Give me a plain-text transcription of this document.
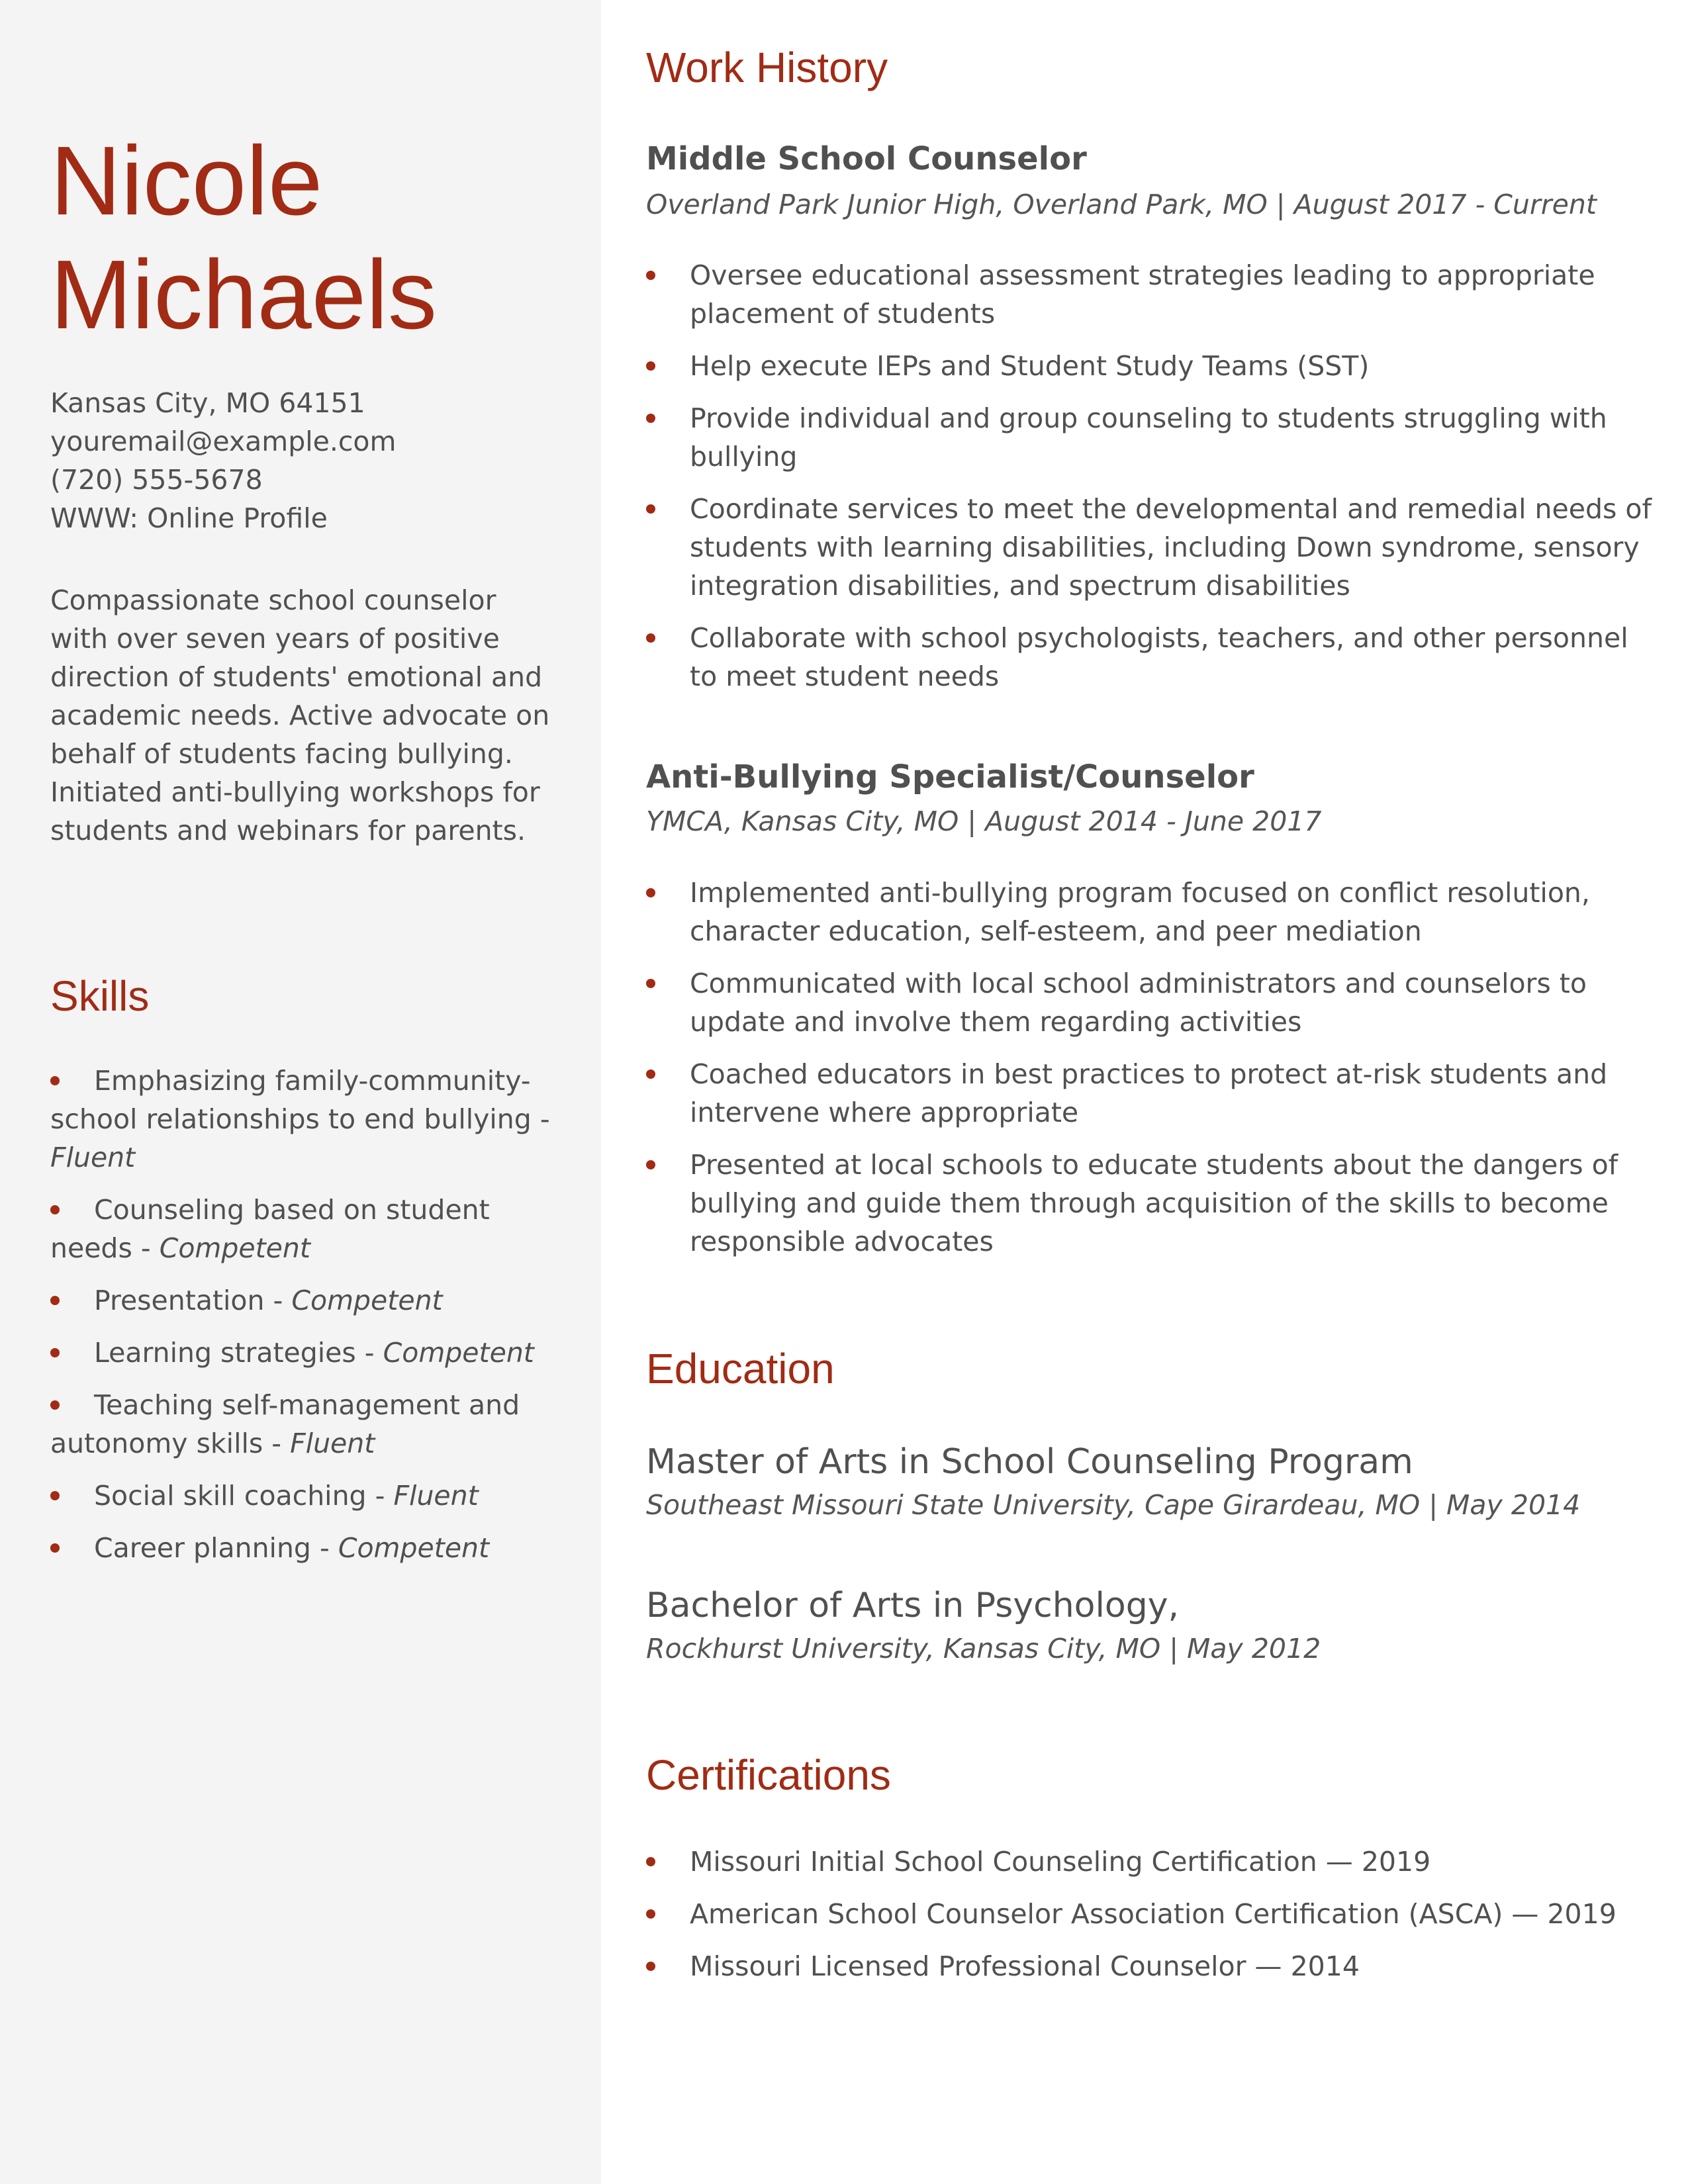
Nicole
Michaels
Kansas City, MO 64151
youremail@example.com
(720) 555-5678
WWW: Online Profile
Compassionate school counselor with over seven years of positive direction of students' emotional and academic needs. Active advocate on behalf of students facing bullying. Initiated anti-bullying workshops for students and webinars for parents.
Skills
Emphasizing family-community-school relationships to end bullying - Fluent
Counseling based on student needs - Competent
Presentation - Competent
Learning strategies - Competent
Teaching self-management and autonomy skills - Fluent
Social skill coaching - Fluent
Career planning - Competent
Work History
Middle School Counselor
Overland Park Junior High, Overland Park, MO | August 2017 - Current
Oversee educational assessment strategies leading to appropriate placement of students
Help execute IEPs and Student Study Teams (SST)
Provide individual and group counseling to students struggling with bullying
Coordinate services to meet the developmental and remedial needs of students with learning disabilities, including Down syndrome, sensory integration disabilities, and spectrum disabilities
Collaborate with school psychologists, teachers, and other personnel to meet student needs
Anti-Bullying Specialist/Counselor
YMCA, Kansas City, MO | August 2014 - June 2017
Implemented anti-bullying program focused on conflict resolution, character education, self-esteem, and peer mediation
Communicated with local school administrators and counselors to update and involve them regarding activities
Coached educators in best practices to protect at-risk students and intervene where appropriate
Presented at local schools to educate students about the dangers of bullying and guide them through acquisition of the skills to become responsible advocates
Education
Master of Arts in School Counseling Program
Southeast Missouri State University, Cape Girardeau, MO | May 2014
Bachelor of Arts in Psychology,
Rockhurst University, Kansas City, MO | May 2012
Certifications
Missouri Initial School Counseling Certification — 2019
American School Counselor Association Certification (ASCA) — 2019
Missouri Licensed Professional Counselor — 2014
